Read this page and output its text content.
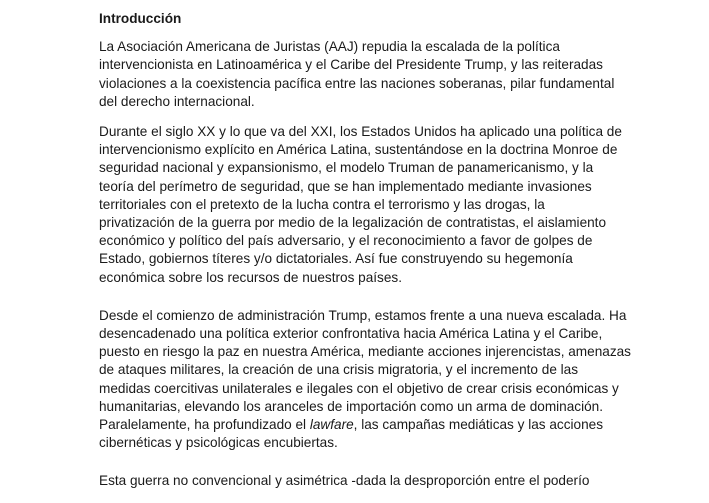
Introducción
La Asociación Americana de Juristas (AAJ) repudia la escalada de la política
intervencionista en Latinoamérica y el Caribe del Presidente Trump, y las reiteradas
violaciones a la coexistencia pacífica entre las naciones soberanas, pilar fundamental
del derecho internacional.
Durante el siglo XX y lo que va del XXI, los Estados Unidos ha aplicado una política de
intervencionismo explícito en América Latina, sustentándose en la doctrina Monroe de
seguridad nacional y expansionismo, el modelo Truman de panamericanismo, y la
teoría del perímetro de seguridad, que se han implementado mediante invasiones
territoriales con el pretexto de la lucha contra el terrorismo y las drogas, la
privatización de la guerra por medio de la legalización de contratistas, el aislamiento
económico y político del país adversario, y el reconocimiento a favor de golpes de
Estado, gobiernos títeres y/o dictatoriales. Así fue construyendo su hegemonía
económica sobre los recursos de nuestros países.
Desde el comienzo de administración Trump, estamos frente a una nueva escalada. Ha
desencadenado una política exterior confrontativa hacia América Latina y el Caribe,
puesto en riesgo la paz en nuestra América, mediante acciones injerencistas, amenazas
de ataques militares, la creación de una crisis migratoria, y el incremento de las
medidas coercitivas unilaterales e ilegales con el objetivo de crear crisis económicas y
humanitarias, elevando los aranceles de importación como un arma de dominación.
Paralelamente, ha profundizado el lawfare, las campañas mediáticas y las acciones
cibernéticas y psicológicas encubiertas.
Esta guerra no convencional y asimétrica -dada la desproporción entre el poderío
